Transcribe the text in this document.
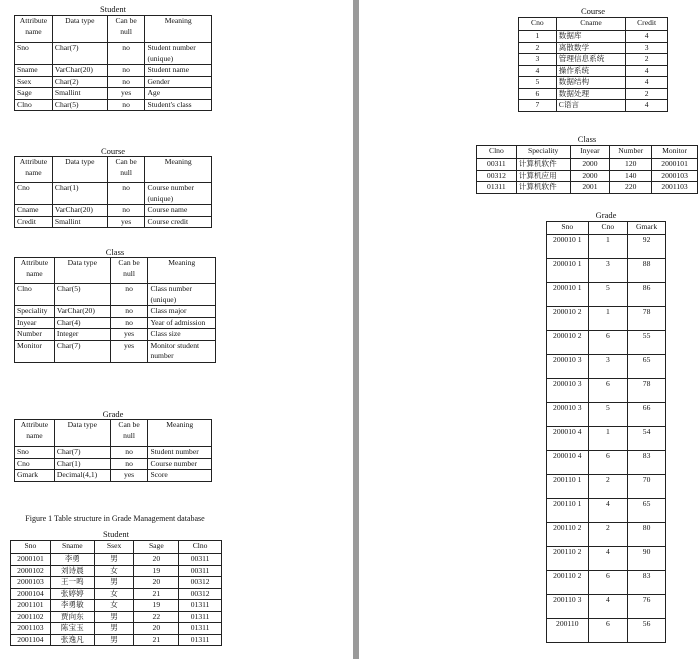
Student
Attribute name	Data type	Can be null	Meaning
Sno	Char(7)	no	Student number (unique)
Sname	VarChar(20)	no	Student name
Ssex	Char(2)	no	Gender
Sage	Smallint	yes	Age
Clno	Char(5)	no	Student's class
Course
Attribute name	Data type	Can be null	Meaning
Cno	Char(1)	no	Course number (unique)
Cname	VarChar(20)	no	Course name
Credit	Smallint	yes	Course credit
Class
Attribute name	Data type	Can be null	Meaning
Clno	Char(5)	no	Class number (unique)
Speciality	VarChar(20)	no	Class major
Inyear	Char(4)	no	Year of admission
Number	Integer	yes	Class size
Monitor	Char(7)	yes	Monitor student number
Grade
Attribute name	Data type	Can be null	Meaning
Sno	Char(7)	no	Student number
Cno	Char(1)	no	Course number
Gmark	Decimal(4,1)	yes	Score
Figure 1 Table structure in Grade Management database
Student
Sno	Sname	Ssex	Sage	Clno
2000101	李勇	男	20	00311
2000102	刘诗晨	女	19	00311
2000103	王一鸣	男	20	00312
2000104	张婷婷	女	21	00312
2001101	李勇敏	女	19	01311
2001102	贾向东	男	22	01311
2001103	陈宝玉	男	20	01311
2001104	张逸凡	男	21	01311
Course
Cno	Cname	Credit
1	数据库	4
2	离散数学	3
3	管理信息系统	2
4	操作系统	4
5	数据结构	4
6	数据处理	2
7	C语言	4
Class
Clno	Speciality	Inyear	Number	Monitor
00311	计算机软件	2000	120	2000101
00312	计算机应用	2000	140	2000103
01311	计算机软件	2001	220	2001103
Grade
Sno	Cno	Gmark
200010 1	1	92
200010 1	3	88
200010 1	5	86
200010 2	1	78
200010 2	6	55
200010 3	3	65
200010 3	6	78
200010 3	5	66
200010 4	1	54
200010 4	6	83
200110 1	2	70
200110 1	4	65
200110 2	2	80
200110 2	4	90
200110 2	6	83
200110 3	4	76
200110	6	56
